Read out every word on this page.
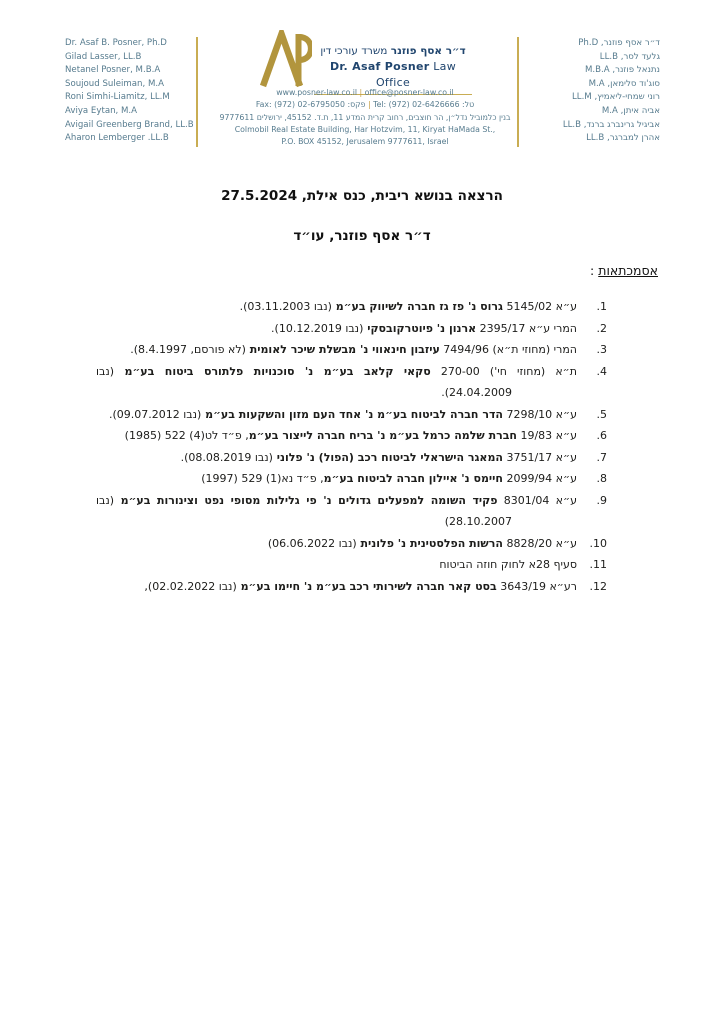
Dr. Asaf B. Posner, Ph.D
Gilad Lasser, LL.B
Netanel Posner, M.B.A
Soujoud Suleiman, M.A
Roni Simhi-Liamitz, LL.M
Aviya Eytan, M.A
Avigail Greenberg Brand, LL.B
Aharon Lemberger .LL.B
ד״ר אסף פוזנר משרד עורכי דין
Dr. Asaf Posner Law Office
www.posner-law.co.il | office@posner-law.co.il
טל: Tel: (972) 02-6426666 | פקס: Fax: (972) 02-6795050
בנין כלמוביל נדל״ן, הר חוצבים, רחוב קרית המדע 11, ת.ד. 45152, ירושלים 9777611
Colmobil Real Estate Building, Har Hotzvim, 11, Kiryat HaMada St.,
P.O. BOX 45152, Jerusalem 9777611, Israel
ד״ר אסף פוזנר, Ph.D
גלעד לסר, LL.B
נתנאל פוזנר, M.B.A
סוג'וד סלימאן, M.A
רוני שמחי-ליאמיץ, LL.M
אביה איתן, M.A
אביגיל גרינברג ברנד, LL.B
אהרן למברגר, LL.B
הרצאה בנושא ריבית, כנס אילת, 27.5.2024
ד״ר אסף פוזנר, עו״ד
אסמכתאות :
1.
ע״א 5145/02 גרוס נ' פז גז חברה לשיווק בע״מ (נבו 03.11.2003).
2.
המרי ע״א 2395/17 ארנון נ' פיוטרקובסקי (נבו 10.12.2019).
3.
המרי (מחוזי ת״א) 7494/96 עיזבון חינאווי נ' מבשלת שיכר לאומית (לא פורסם, 8.4.1997).
4.
ת״א (מחוזי חי') 270-00 סקאי קלאב בע״מ נ' סוכנויות פלתורס ביטוח בע״מ (נבו
24.04.2009).
5.
ע״א 7298/10 הדר חברה לביטוח בע״מ נ' אחד העם מזון והשקעות בע״מ (נבו 09.07.2012).
6.
ע״א 19/83 חברת שלמה כרמל בע״מ נ' בריח חברה לייצור בע״מ, פ״ד לט(4) 522 (1985)
7.
ע״א 3751/17 המאגר הישראלי לביטוח רכב (הפול) נ' פלוני (נבו 08.08.2019).
8.
ע״א 2099/94 חיימס נ' איילון חברה לביטוח בע״מ, פ״ד נא(1) 529 (1997)
9.
ע״א 8301/04 פקיד השומה למפעלים גדולים נ' פי גלילות מסופי נפט וצינורות בע״מ (נבו
28.10.2007)
10.
ע״א 8828/20 הרשות הפלסטינית נ' פלונית (נבו 06.06.2022)
11.
סעיף 28א לחוק חוזה הביטוח
12.
רע״א 3643/19 בסט קאר חברה לשירותי רכב בע״מ נ' חיימו בע״מ (נבו 02.02.2022),
